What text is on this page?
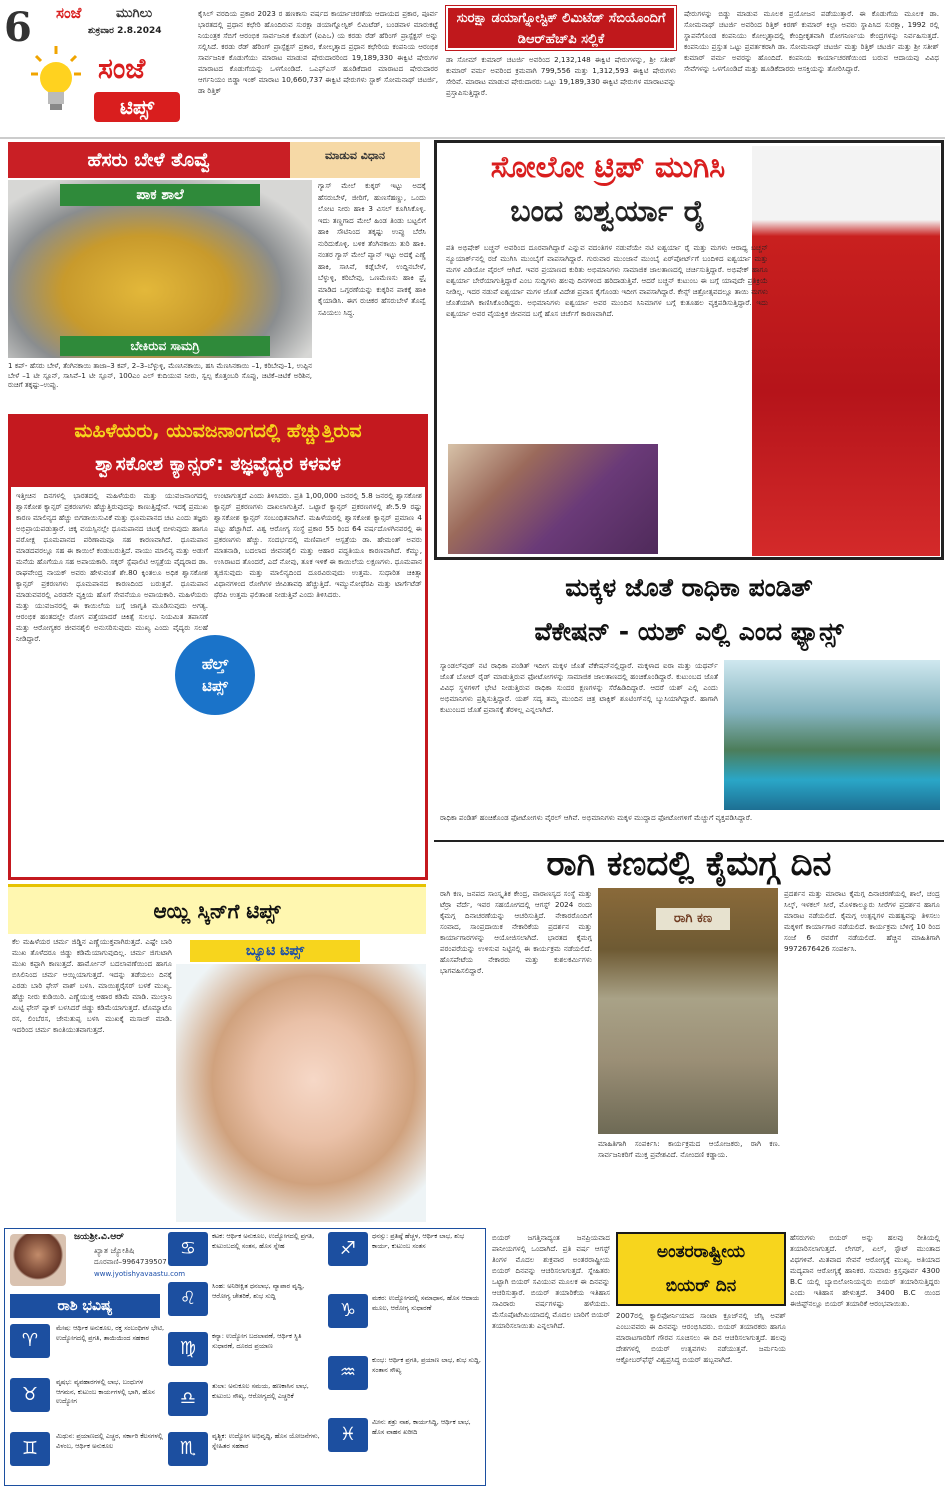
6 ಸಂಜೆ	ಮುಗಿಲು
ಶುಕ್ರವಾರ 2.8.2024
ಸಂಜೆ
ಟಿಪ್ಸ್
ಕೈಸಿಲ್ ವರದಿಯ ಪ್ರಕಾರ 2023 ರ ಹಣಕಾಸು ವರ್ಷದ ಕಾರ್ಯಾಚರಣೆಯ ಆದಾಯದ ಪ್ರಕಾರ, ಪೂರ್ವ ಭಾರತದಲ್ಲಿ ಪ್ರಧಾನ ಕಛೇರಿ ಹೊಂದಿರುವ ಸುರಕ್ಷಾ ಡಯಾಗ್ನೋಸ್ಟಿಕ್ ಲಿಮಿಟೆಡ್, ಬಂಡವಾಳ ಮಾರುಕಟ್ಟೆ ನಿಯಂತ್ರಕ ಸೆಬಿಗೆ ಆರಂಭಿಕ ಸಾರ್ವಜನಿಕ ಕೊಡುಗೆ (ಐಪಿಒ) ಯ ಕರಡು ರೆಡ್ ಹೆರಿಂಗ್ ಪ್ರಾಸ್ಪೆಕ್ಟಸ್ ಅನ್ನು ಸಲ್ಲಿಸಿದೆ. ಕರಡು ರೆಡ್ ಹೆರಿಂಗ್ ಪ್ರಾಸ್ಪೆಕ್ಟಸ್ ಪ್ರಕಾರ, ಕೋಲ್ಕತ್ತಾದ ಪ್ರಧಾನ ಕಛೇರಿಯ ಕಂಪನಿಯ ಆರಂಭಿಕ ಸಾರ್ವಜನಿಕ ಕೊಡುಗೆಯು ಮಾರಾಟ ಮಾಡುವ ಷೇರುದಾರರಿಂದ 19,189,330 ಈಕ್ವಿಟಿ ಷೇರುಗಳ ಮಾರಾಟದ ಕೊಡುಗೆಯನ್ನು ಒಳಗೊಂಡಿದೆ. ಒಎಫ್ಎಸ್ ಹೂಡಿಕೆದಾರ ಮಾರಾಟದ ಷೇರುದಾರರ ಆರ್ಗನಿಯಂ ಬಿಡ್ಡಾ ಇಂಕ್ ಮಾರಾಟ 10,660,737 ಈಕ್ವಿಟಿ ಷೇರುಗಳು ಸ್ಟಾಕ್ ಸೋಮನಾಥ್ ಚಟರ್ಜಿ, ಡಾ ರಿತ್ತಿಕ್
ಸುರಕ್ಷಾ ಡಯಾಗ್ನೋಸ್ಟಿಕ್ ಲಿಮಿಟೆಡ್ ಸೆಬಿಯೊಂದಿಗೆ ಡಿಆರ್‌ಹೆಚ್‌ಪಿ ಸಲ್ಲಿಕೆ
ಡಾ ಸೋಮ್ ಕುಮಾರ್ ಚಟರ್ಜಿ ಅವರಿಂದ 2,132,148 ಈಕ್ವಿಟಿ ಷೇರುಗಳನ್ನು, ಶ್ರೀ ಸತೀಶ್ ಕುಮಾರ್ ವರ್ಮ ಅವರಿಂದ ಕ್ರಮವಾಗಿ 799,556 ಮತ್ತು 1,312,593 ಈಕ್ವಿಟಿ ಷೇರುಗಳು ಸೇರಿವೆ. ಮಾರಾಟ ಮಾಡುವ ಷೇರುದಾರರು ಒಟ್ಟು 19,189,330 ಈಕ್ವಿಟಿ ಷೇರುಗಳ ಮಾರಾಟವನ್ನು ಪ್ರಸ್ತಾಪಿಸುತ್ತಿದ್ದಾರೆ.
ಷೇರುಗಳನ್ನು ಬಿಡ್ಡು ಮಾಡುವ ಮೂಲಕ ಪ್ರಯೋಜನ ಪಡೆಯುತ್ತಾರೆ. ಈ ಕೊಡುಗೆಯ ಮೂಲಕ ಡಾ. ಸೋಮನಾಥ್ ಚಟರ್ಜಿ ಅವರಿಂದ ರಿತ್ತಿಕ್ ಕಿರಣ್ ಕುಮಾರ್ ಕಿಲ್ಲಾ ಅವರು ಸ್ಥಾಪಿಸಿದ ಸುರಕ್ಷಾ, 1992 ರಲ್ಲಿ ಸ್ಥಾಪನೆಗೊಂಡ ಕಂಪನಿಯು ಕೋಲ್ಕತ್ತಾದಲ್ಲಿ ಕೇಂದ್ರೀಕೃತವಾಗಿ ರೋಗನಿರ್ಣಯ ಕೇಂದ್ರಗಳನ್ನು ನಿರ್ವಹಿಸುತ್ತದೆ. ಕಂಪನಿಯು ಪ್ರಸ್ತುತ ಒಟ್ಟು ಪ್ರವರ್ತಕರಾಗಿ ಡಾ. ಸೋಮನಾಥ್ ಚಟರ್ಜಿ ಮತ್ತು ರಿತ್ತಿಕ್ ಚಟರ್ಜಿ ಮತ್ತು ಶ್ರೀ ಸತೀಶ್ ಕುಮಾರ್ ವರ್ಮ ಅವರನ್ನು ಹೊಂದಿದೆ. ಕಂಪನಿಯ ಕಾರ್ಯಾಚರಣೆಯಿಂದ ಬರುವ ಆದಾಯವು ವಿವಿಧ ಸೇವೆಗಳನ್ನು ಒಳಗೊಂಡಿದೆ ಮತ್ತು ಹೂಡಿಕೆದಾರರು ಆಸಕ್ತಿಯನ್ನು ತೋರಿಸಿದ್ದಾರೆ.
ಹೆಸರು ಬೇಳೆ ತೊವ್ವೆ	ಮಾಡುವ ವಿಧಾನ
ಪಾಕ ಶಾಲೆ
ಬೇಕಿರುವ ಸಾಮಗ್ರಿ
1 ಕಪ್- ಹೆಸರು ಬೇಳೆ, ತೆಂಗಿನಕಾಯಿ ತಾಜಾ–3 ಕಪ್, 2–3–ಬೆಳ್ಳುಳ್ಳಿ, ಮೆಣಸಿನಕಾಯಿ, ಹಸಿ ಮೆಣಸಿನಕಾಯಿ –1, ಕರಿಬೇವು–1, ಉಪ್ಪಿನ ಬೇಳೆ –1 ಟೀ ಸ್ಪೂನ್, ಸಾಸಿವೆ–1 ಟೀ ಸ್ಪೂನ್, 100ಎಂ ಎಲ್ ಕುದಿಯುವ ನೀರು, ಸ್ವಲ್ಪ ಕೊತ್ತಂಬರಿ ಸೊಪ್ಪು, ಚಿಟಿಕೆ–ಚಿಟಿಕೆ ಅರಿಶಿನ, ರುಚಿಗೆ ತಕ್ಕಷ್ಟು–ಉಪ್ಪು.
ಗ್ಯಾಸ್ ಮೇಲೆ ಕುಕ್ಕರ್ ಇಟ್ಟು ಅದಕ್ಕೆ ಹೆಸರುಬೇಳೆ, ಜೀರಿಗೆ, ಹುಣಸೆಹಣ್ಣು, ಒಂದು ಲೋಟ ನೀರು ಹಾಕಿ 3 ವಿಸಲ್ ಕೂಗಿಸಿಕೊಳ್ಳಿ. ಇದು ತಣ್ಣಗಾದ ಮೇಲೆ ಹಿಂಡ ತಿಂಡು ಬಟ್ಟಲಿಗೆ ಹಾಕಿ ಸೌಟಿನಿಂದ ತಕ್ಕಷ್ಟು ಉಪ್ಪು ಬೆರೆಸಿ ನುರಿದುಕೊಳ್ಳಿ. ಬಳಿಕ ತೆಂಗಿನಕಾಯಿ ತುರಿ ಹಾಕಿ. ನಂತರ ಗ್ಯಾಸ್ ಮೇಲೆ ಪ್ಯಾನ್ ಇಟ್ಟು ಅದಕ್ಕೆ ಎಣ್ಣೆ ಹಾಕಿ, ಸಾಸಿವೆ, ಕಡ್ಲೆಬೇಳೆ, ಉದ್ದಿನಬೇಳೆ, ಬೆಳ್ಳುಳ್ಳಿ, ಕರಿಬೇವು, ಒಣಮೆಣಸು ಹಾಕಿ ಫ್ರೈ ಮಾಡಿದ ಒಗ್ಗರಣೆಯನ್ನು ಕುಕ್ಕರಿನ ಪಾಕಕ್ಕೆ ಹಾಕಿ ಕೈಯಾಡಿಸಿ. ಈಗ ರುಚಿಕರ ಹೆಸರುಬೇಳೆ ತೊವ್ವೆ ಸವಿಯಲು ಸಿದ್ಧ.
ಸೋಲೋ ಟ್ರಿಪ್ ಮುಗಿಸಿ
ಬಂದ ಐಶ್ವರ್ಯಾ ರೈ
ಪತಿ ಅಭಿಷೇಕ್ ಬಚ್ಚನ್ ಅವರಿಂದ ದೂರವಾಗಿದ್ದಾರೆ ಎನ್ನುವ ವದಂತಿಗಳ ನಡುವೆಯೇ ನಟಿ ಐಶ್ವರ್ಯಾ ರೈ ಮತ್ತು ಮಗಳು ಆರಾಧ್ಯ ಬಚ್ಚನ್ ನ್ಯೂಯಾರ್ಕ್‌ನಲ್ಲಿ ರಜೆ ಮುಗಿಸಿ ಮುಂಬೈಗೆ ವಾಪಸಾಗಿದ್ದಾರೆ. ಗುರುವಾರ ಮುಂಜಾನೆ ಮುಂಬೈ ಏರ್‌ಪೋರ್ಟ್‌ಗೆ ಬಂದಿಳಿದ ಐಶ್ವರ್ಯಾ ಮತ್ತು ಮಗಳ ವಿಡಿಯೋ ವೈರಲ್ ಆಗಿದೆ. ಇವರ ಪ್ರಯಾಣದ ಕುರಿತು ಅಭಿಮಾನಿಗಳು ಸಾಮಾಜಿಕ ಜಾಲತಾಣದಲ್ಲಿ ಚರ್ಚಿಸುತ್ತಿದ್ದಾರೆ. ಅಭಿಷೇಕ್ ಹಾಗೂ ಐಶ್ವರ್ಯಾ ಬೇರೆಯಾಗುತ್ತಿದ್ದಾರೆ ಎಂಬ ಸುದ್ದಿಗಳು ಹಲವು ದಿನಗಳಿಂದ ಹರಿದಾಡುತ್ತಿವೆ. ಆದರೆ ಬಚ್ಚನ್ ಕುಟುಂಬ ಈ ಬಗ್ಗೆ ಯಾವುದೇ ಪ್ರತಿಕ್ರಿಯೆ ನೀಡಿಲ್ಲ. ಇದರ ನಡುವೆ ಐಶ್ವರ್ಯಾ ಮಗಳ ಜೊತೆ ವಿದೇಶ ಪ್ರವಾಸ ಕೈಗೊಂಡು ಇದೀಗ ವಾಪಸಾಗಿದ್ದಾರೆ. ಕೇನ್ಸ್ ಚಿತ್ರೋತ್ಸವದಲ್ಲೂ ತಾಯಿ ಮಗಳು ಜೊತೆಯಾಗಿ ಕಾಣಿಸಿಕೊಂಡಿದ್ದರು. ಅಭಿಮಾನಿಗಳು ಐಶ್ವರ್ಯಾ ಅವರ ಮುಂದಿನ ಸಿನಿಮಾಗಳ ಬಗ್ಗೆ ಕುತೂಹಲ ವ್ಯಕ್ತಪಡಿಸುತ್ತಿದ್ದಾರೆ. ಇದು ಐಶ್ವರ್ಯಾ ಅವರ ವೈಯಕ್ತಿಕ ಜೀವನದ ಬಗ್ಗೆ ಹೊಸ ಚರ್ಚೆಗೆ ಕಾರಣವಾಗಿದೆ.
ಮಹಿಳೆಯರು, ಯುವಜನಾಂಗದಲ್ಲಿ ಹೆಚ್ಚುತ್ತಿರುವ
ಶ್ವಾಸಕೋಶ ಕ್ಯಾನ್ಸರ್: ತಜ್ಞವೈದ್ಯರ ಕಳವಳ
ಇತ್ತೀಚಿನ ದಿನಗಳಲ್ಲಿ ಭಾರತದಲ್ಲಿ ಮಹಿಳೆಯರು ಮತ್ತು ಯುವಜನಾಂಗದಲ್ಲಿ ಶ್ವಾಸಕೋಶ ಕ್ಯಾನ್ಸರ್ ಪ್ರಕರಣಗಳು ಹೆಚ್ಚುತ್ತಿರುವುದನ್ನು ಕಾಣುತ್ತಿದ್ದೇವೆ. ಇದಕ್ಕೆ ಪ್ರಮುಖ ಕಾರಣ ಮಾಲಿನ್ಯದ ಹೆಚ್ಚು ಬಿಗಡಾಯಿಸುವಿಕೆ ಮತ್ತು ಧೂಮಪಾನದ ಚಟ ಎಂದು ತಜ್ಞರು ಅಭಿಪ್ರಾಯಪಡುತ್ತಾರೆ. ಚಿಕ್ಕ ವಯಸ್ಸಿನಲ್ಲೇ ಧೂಮಪಾನದ ಚಟಕ್ಕೆ ಬೀಳುವುದು ಹಾಗೂ ಪರೋಕ್ಷ ಧೂಮಪಾನದ ಪರಿಣಾಮವೂ ಸಹ ಕಾರಣವಾಗಿದೆ. ಧೂಮಪಾನ ಮಾಡದವರಲ್ಲೂ ಸಹ ಈ ಕಾಯಿಲೆ ಕಂಡುಬರುತ್ತಿದೆ. ವಾಯು ಮಾಲಿನ್ಯ ಮತ್ತು ಅಡುಗೆ ಮನೆಯ ಹೊಗೆಯೂ ಸಹ ಅಪಾಯಕಾರಿ. ಸಕ್ಕರ್ ಸ್ಪೆಷಾಲಿಟಿ ಆಸ್ಪತ್ರೆಯ ವೈದ್ಯರಾದ ಡಾ. ರಾಘವೇಂದ್ರ ನಾಯಕ್ ಅವರು ಹೇಳುವಂತೆ ಶೇ.80 ಕ್ಕಿಂತಲೂ ಅಧಿಕ ಶ್ವಾಸಕೋಶ ಕ್ಯಾನ್ಸರ್ ಪ್ರಕರಣಗಳು ಧೂಮಪಾನದ ಕಾರಣದಿಂದ ಬರುತ್ತವೆ. ಧೂಮಪಾನ ಮಾಡುವವರಲ್ಲಿ ಎರಡನೇ ವ್ಯಕ್ತಿಯ ಹೊಗೆ ಸೇವನೆಯೂ ಅಪಾಯಕಾರಿ. ಮಹಿಳೆಯರು ಮತ್ತು ಯುವಜನರಲ್ಲಿ ಈ ಕಾಯಿಲೆಯ ಬಗ್ಗೆ ಜಾಗೃತಿ ಮೂಡಿಸುವುದು ಅಗತ್ಯ. ಆರಂಭಿಕ ಹಂತದಲ್ಲೇ ರೋಗ ಪತ್ತೆಯಾದರೆ ಚಿಕಿತ್ಸೆ ಸುಲಭ. ನಿಯಮಿತ ತಪಾಸಣೆ ಮತ್ತು ಆರೋಗ್ಯಕರ ಜೀವನಶೈಲಿ ಅನುಸರಿಸುವುದು ಮುಖ್ಯ ಎಂದು ವೈದ್ಯರು ಸಲಹೆ ನೀಡಿದ್ದಾರೆ.
ಉಂಟಾಗುತ್ತದೆ ಎಂದು ತಿಳಿಸಿದರು. ಪ್ರತಿ 1,00,000 ಜನರಲ್ಲಿ 5.8 ಜನರಲ್ಲಿ ಶ್ವಾಸಕೋಶ ಕ್ಯಾನ್ಸರ್ ಪ್ರಕರಣಗಳು ದಾಖಲಾಗುತ್ತಿವೆ. ಒಟ್ಟಾರೆ ಕ್ಯಾನ್ಸರ್ ಪ್ರಕರಣಗಳಲ್ಲಿ ಶೇ.5.9 ರಷ್ಟು ಶ್ವಾಸಕೋಶ ಕ್ಯಾನ್ಸರ್ ಸಂಬಂಧಿತವಾಗಿವೆ. ಮಹಿಳೆಯರಲ್ಲಿ ಶ್ವಾಸಕೋಶ ಕ್ಯಾನ್ಸರ್ ಪ್ರಮಾಣ 4 ಪಟ್ಟು ಹೆಚ್ಚಾಗಿದೆ. ವಿಶ್ವ ಆರೋಗ್ಯ ಸಂಸ್ಥೆ ಪ್ರಕಾರ 55 ರಿಂದ 64 ವರ್ಷದೊಳಗಿನವರಲ್ಲಿ ಈ ಪ್ರಕರಣಗಳು ಹೆಚ್ಚು. ಸಂದರ್ಭದಲ್ಲಿ ಮಣಿಪಾಲ್ ಆಸ್ಪತ್ರೆಯ ಡಾ. ಹೇಮಂತ್ ಅವರು ಮಾತನಾಡಿ, ಬದಲಾದ ಜೀವನಶೈಲಿ ಮತ್ತು ಆಹಾರ ಪದ್ಧತಿಯೂ ಕಾರಣವಾಗಿದೆ. ಕೆಮ್ಮು, ಉಸಿರಾಟದ ತೊಂದರೆ, ಎದೆ ನೋವು, ತೂಕ ಇಳಿಕೆ ಈ ಕಾಯಿಲೆಯ ಲಕ್ಷಣಗಳು. ಧೂಮಪಾನ ತ್ಯಜಿಸುವುದು ಮತ್ತು ಮಾಲಿನ್ಯದಿಂದ ದೂರವಿರುವುದು ಉತ್ತಮ. ಸುಧಾರಿತ ಚಿಕಿತ್ಸಾ ವಿಧಾನಗಳಿಂದ ರೋಗಿಗಳ ಜೀವಿತಾವಧಿ ಹೆಚ್ಚುತ್ತಿದೆ. ಇಮ್ಯುನೋಥೆರಪಿ ಮತ್ತು ಟಾರ್ಗೆಟೆಡ್ ಥೆರಪಿ ಉತ್ತಮ ಫಲಿತಾಂಶ ನೀಡುತ್ತಿವೆ ಎಂದು ತಿಳಿಸಿದರು.
ಹೆಲ್ತ್
ಟಿಪ್ಸ್
ಮಕ್ಕಳ ಜೊತೆ ರಾಧಿಕಾ ಪಂಡಿತ್
ವೆಕೇಷನ್ - ಯಶ್ ಎಲ್ಲಿ ಎಂದ ಫ್ಯಾನ್ಸ್
ಸ್ಯಾಂಡಲ್‌ವುಡ್ ನಟಿ ರಾಧಿಕಾ ಪಂಡಿತ್ ಇದೀಗ ಮಕ್ಕಳ ಜೊತೆ ವೆಕೇಷನ್‌ನಲ್ಲಿದ್ದಾರೆ. ಮಕ್ಕಳಾದ ಐರಾ ಮತ್ತು ಯಥರ್ವ್ ಜೊತೆ ಬೋಟ್ ರೈಡ್ ಮಾಡುತ್ತಿರುವ ಫೋಟೋಗಳನ್ನು ಸಾಮಾಜಿಕ ಜಾಲತಾಣದಲ್ಲಿ ಹಂಚಿಕೊಂಡಿದ್ದಾರೆ. ಕುಟುಂಬದ ಜೊತೆ ವಿವಿಧ ಸ್ಥಳಗಳಿಗೆ ಭೇಟಿ ನೀಡುತ್ತಿರುವ ರಾಧಿಕಾ ಸುಂದರ ಕ್ಷಣಗಳನ್ನು ಸೆರೆಹಿಡಿದಿದ್ದಾರೆ. ಆದರೆ ಯಶ್ ಎಲ್ಲಿ ಎಂದು ಅಭಿಮಾನಿಗಳು ಪ್ರಶ್ನಿಸುತ್ತಿದ್ದಾರೆ. ಯಶ್ ಸದ್ಯ ತಮ್ಮ ಮುಂದಿನ ಚಿತ್ರ ಟಾಕ್ಸಿಕ್ ಶೂಟಿಂಗ್‌ನಲ್ಲಿ ಬ್ಯುಸಿಯಾಗಿದ್ದಾರೆ. ಹಾಗಾಗಿ ಕುಟುಂಬದ ಜೊತೆ ಪ್ರವಾಸಕ್ಕೆ ತೆರಳಿಲ್ಲ ಎನ್ನಲಾಗಿದೆ.
ರಾಧಿಕಾ ಪಂಡಿತ್ ಹಂಚಿಕೊಂಡ ಫೋಟೋಗಳು ವೈರಲ್ ಆಗಿವೆ. ಅಭಿಮಾನಿಗಳು ಮಕ್ಕಳ ಮುದ್ದಾದ ಫೋಟೋಗಳಿಗೆ ಮೆಚ್ಚುಗೆ ವ್ಯಕ್ತಪಡಿಸಿದ್ದಾರೆ.
ರಾಗಿ ಕಣದಲ್ಲಿ ಕೈಮಗ್ಗ ದಿನ
ರಾಗಿ ಕಣ, ಜನಪದ ಸಾಂಸ್ಕೃತಿಕ ಕೇಂದ್ರ, ವಾರಾಣಸ್ಯದ ಸಂಸ್ಥೆ ಮತ್ತು ಟೆರ್ರಾ ವೆರ್ದೆ, ಇವರ ಸಹಯೋಗದಲ್ಲಿ ಆಗಸ್ಟ್ 2024 ರಂದು ಕೈಮಗ್ಗ ದಿನಾಚರಣೆಯನ್ನು ಆಚರಿಸುತ್ತಿದೆ. ನೇಕಾರರೊಂದಿಗೆ ಸಂವಾದ, ಸಾಂಪ್ರದಾಯಿಕ ನೇಕಾರಿಕೆಯ ಪ್ರದರ್ಶನ ಮತ್ತು ಕಾರ್ಯಾಗಾರಗಳನ್ನು ಆಯೋಜಿಸಲಾಗಿದೆ. ಭಾರತದ ಕೈಮಗ್ಗ ಪರಂಪರೆಯನ್ನು ಉಳಿಸುವ ನಿಟ್ಟಿನಲ್ಲಿ ಈ ಕಾರ್ಯಕ್ರಮ ನಡೆಯಲಿದೆ. ಹೊಸಪೇಟೆಯ ನೇಕಾರರು ಮತ್ತು ಕುಶಲಕರ್ಮಿಗಳು ಭಾಗವಹಿಸಲಿದ್ದಾರೆ.
ರಾಗಿ ಕಣ
ಮಾಹಿತಿಗಾಗಿ ಸಂಪರ್ಕಿಸಿ: ಕಾರ್ಯಕ್ರಮದ ಆಯೋಜಕರು, ರಾಗಿ ಕಣ. ಸಾರ್ವಜನಿಕರಿಗೆ ಮುಕ್ತ ಪ್ರವೇಶವಿದೆ. ನೋಂದಣಿ ಕಡ್ಡಾಯ.
ಪ್ರದರ್ಶನ ಮತ್ತು ಮಾರಾಟ ಕೈಮಗ್ಗ ದಿನಾಚರಣೆಯಲ್ಲಿ ಶಾಲೆ, ಚಂದ್ರ ಸಿಲ್ಕ್, ಇಳಕಲ್ ಸೀರೆ, ಮೊಳಕಾಲ್ಮೂರು ಸೀರೆಗಳ ಪ್ರದರ್ಶನ ಹಾಗೂ ಮಾರಾಟ ನಡೆಯಲಿದೆ. ಕೈಮಗ್ಗ ಉತ್ಪನ್ನಗಳ ಮಹತ್ವವನ್ನು ತಿಳಿಸಲು ಮಕ್ಕಳಿಗೆ ಕಾರ್ಯಾಗಾರ ನಡೆಯಲಿದೆ. ಕಾರ್ಯಕ್ರಮ ಬೆಳಿಗ್ಗೆ 10 ರಿಂದ ಸಂಜೆ 6 ರವರೆಗೆ ನಡೆಯಲಿದೆ. ಹೆಚ್ಚಿನ ಮಾಹಿತಿಗಾಗಿ 9972676426 ಸಂಪರ್ಕಿಸಿ.
ಆಯ್ಲಿ ಸ್ಕಿನ್‌ಗೆ ಟಿಪ್ಸ್
ಕೆಲ ಮಹಿಳೆಯರ ಚರ್ಮ ಜಿಡ್ಡಿನ ಎಣ್ಣೆಯುಕ್ತವಾಗಿರುತ್ತದೆ. ಎಷ್ಟೇ ಬಾರಿ ಮುಖ ತೊಳೆದರೂ ಜಿಡ್ಡು ಕಡಿಮೆಯಾಗುವುದಿಲ್ಲ. ಚರ್ಮ ಜಿಗುಟಾಗಿ ಮುಖ ಕಪ್ಪಾಗಿ ಕಾಣುತ್ತದೆ. ಹಾರ್ಮೋನ್ ಬದಲಾವಣೆಯಿಂದ ಹಾಗೂ ಬಿಸಿಲಿನಿಂದ ಚರ್ಮ ಆಯ್ಲಿಯಾಗುತ್ತದೆ. ಇದನ್ನು ತಡೆಯಲು ದಿನಕ್ಕೆ ಎರಡು ಬಾರಿ ಫೇಸ್ ವಾಶ್ ಬಳಸಿ. ಮಾಯಿಶ್ಚರೈಸರ್ ಬಳಕೆ ಮುಖ್ಯ. ಹೆಚ್ಚು ನೀರು ಕುಡಿಯಿರಿ. ಎಣ್ಣೆಯುಕ್ತ ಆಹಾರ ಕಡಿಮೆ ಮಾಡಿ. ಮುಲ್ತಾನಿ ಮಿಟ್ಟಿ ಫೇಸ್ ಪ್ಯಾಕ್ ಬಳಸಿದರೆ ಜಿಡ್ಡು ಕಡಿಮೆಯಾಗುತ್ತದೆ. ಟೊಮ್ಯಾಟೊ ರಸ, ಲಿಂಬೆರಸ, ಜೇನುತುಪ್ಪ ಬಳಸಿ ಮುಖಕ್ಕೆ ಮಸಾಜ್ ಮಾಡಿ. ಇದರಿಂದ ಚರ್ಮ ಕಾಂತಿಯುತವಾಗುತ್ತದೆ.
ಬ್ಯೂಟಿ ಟಿಪ್ಸ್
ಜಯಶ್ರೀ.ವಿ.ಆರ್
ಖ್ಯಾತ ಜ್ಯೋತಿಷಿ
ದೂರವಾಣಿ–9964739507
www.jyotishyavaastu.com
ರಾಶಿ ಭವಿಷ್ಯ
♈
ಮೇಷ: ಆರ್ಥಿಕ ಅನುಕೂಲ, ರಕ್ತ ಸಂಬಂಧಿಗಳ ಭೇಟಿ, ಉದ್ಯೋಗದಲ್ಲಿ ಪ್ರಗತಿ, ತಾಯಿಯಿಂದ ಸಹಕಾರ
♉
ವೃಷಭ: ವ್ಯವಹಾರಗಳಲ್ಲಿ ಲಾಭ, ಬಂಧುಗಳ ಆಗಮನ, ಕುಟುಂಬ ಕಾರ್ಯಗಳಲ್ಲಿ ಭಾಗಿ, ಹೊಸ ಉದ್ಯೋಗ
♊
ಮಿಥುನ: ಪ್ರಯಾಣದಲ್ಲಿ ಎಚ್ಚರ, ಸರ್ಕಾರಿ ಕೆಲಸಗಳಲ್ಲಿ ವಿಳಂಬ, ಆರ್ಥಿಕ ಅನುಕೂಲ
♋
ಕಟಕ: ಆರ್ಥಿಕ ಅನುಕೂಲ, ಉದ್ಯೋಗದಲ್ಲಿ ಪ್ರಗತಿ, ಕುಟುಂಬದಲ್ಲಿ ಸಂತಸ, ಹೊಸ ಸ್ನೇಹ
♌
ಸಿಂಹ: ಅನಿರೀಕ್ಷಿತ ಧನಲಾಭ, ವ್ಯಾಪಾರ ವೃದ್ಧಿ, ಆರೋಗ್ಯ ಚೇತರಿಕೆ, ಶುಭ ಸುದ್ದಿ
♍
ಕನ್ಯಾ: ಉದ್ಯೋಗ ಬದಲಾವಣೆ, ಆರ್ಥಿಕ ಸ್ಥಿತಿ ಸುಧಾರಣೆ, ದೂರದ ಪ್ರಯಾಣ
♎
ತುಲಾ: ಅನುಕೂಲ ಸಮಯ, ಹಣಕಾಸಿನ ಲಾಭ, ಕುಟುಂಬ ಸೌಖ್ಯ, ಆರೋಗ್ಯದಲ್ಲಿ ಎಚ್ಚರಿಕೆ
♏
ವೃಶ್ಚಿಕ: ಉದ್ಯೋಗ ಅಭಿವೃದ್ಧಿ, ಹೊಸ ಯೋಜನೆಗಳು, ಸ್ನೇಹಿತರ ಸಹಕಾರ
♐
ಧನಸ್ಸು: ಪ್ರತಿಷ್ಠೆ ಹೆಚ್ಚಳ, ಆರ್ಥಿಕ ಲಾಭ, ಶುಭ ಕಾರ್ಯ, ಕುಟುಂಬ ಸಂತಸ
♑
ಮಕರ: ಉದ್ಯೋಗದಲ್ಲಿ ಸಮಾಧಾನ, ಹೊಸ ಆದಾಯ ಮೂಲ, ಆರೋಗ್ಯ ಸುಧಾರಣೆ
♒
ಕುಂಭ: ಆರ್ಥಿಕ ಪ್ರಗತಿ, ಪ್ರಯಾಣ ಲಾಭ, ಶುಭ ಸುದ್ದಿ, ಸಂತಾನ ಸೌಖ್ಯ
♓
ಮೀನ: ಶತ್ರು ನಾಶ, ಕಾರ್ಯಸಿದ್ಧಿ, ಆರ್ಥಿಕ ಲಾಭ, ಹೊಸ ವಾಹನ ಖರೀದಿ
ಬಿಯರ್ ಜಗತ್ತಿನಾದ್ಯಂತ ಜನಪ್ರಿಯವಾದ ಪಾನೀಯಗಳಲ್ಲಿ ಒಂದಾಗಿದೆ. ಪ್ರತಿ ವರ್ಷ ಆಗಸ್ಟ್ ತಿಂಗಳ ಮೊದಲ ಶುಕ್ರವಾರ ಅಂತರರಾಷ್ಟ್ರೀಯ ಬಿಯರ್ ದಿನವನ್ನು ಆಚರಿಸಲಾಗುತ್ತದೆ. ಸ್ನೇಹಿತರು ಒಟ್ಟಾಗಿ ಬಿಯರ್ ಸವಿಯುವ ಮೂಲಕ ಈ ದಿನವನ್ನು ಆಚರಿಸುತ್ತಾರೆ. ಬಿಯರ್ ತಯಾರಿಕೆಯ ಇತಿಹಾಸ ಸಾವಿರಾರು ವರ್ಷಗಳಷ್ಟು ಹಳೆಯದು. ಮೆಸೊಪೊಟೇಮಿಯಾದಲ್ಲಿ ಮೊದಲ ಬಾರಿಗೆ ಬಿಯರ್ ತಯಾರಿಸಲಾಯಿತು ಎನ್ನಲಾಗಿದೆ.
ಅಂತರರಾಷ್ಟ್ರೀಯ
ಬಿಯರ್ ದಿನ
2007ರಲ್ಲಿ ಕ್ಯಾಲಿಫೋರ್ನಿಯಾದ ಸಾಂಟಾ ಕ್ರೂಜ್‌ನಲ್ಲಿ ಜೆಸ್ಸಿ ಅವಶ್ ಎಂಬುವವರು ಈ ದಿನವನ್ನು ಆರಂಭಿಸಿದರು. ಬಿಯರ್ ತಯಾರಕರು ಹಾಗೂ ಮಾರಾಟಗಾರರಿಗೆ ಗೌರವ ಸೂಚಿಸಲು ಈ ದಿನ ಆಚರಿಸಲಾಗುತ್ತದೆ. ಹಲವು ದೇಶಗಳಲ್ಲಿ ಬಿಯರ್ ಉತ್ಸವಗಳು ನಡೆಯುತ್ತವೆ. ಜರ್ಮನಿಯ ಆಕ್ಟೋಬರ್‌ಫೆಸ್ಟ್ ವಿಶ್ವಪ್ರಸಿದ್ಧ ಬಿಯರ್ ಹಬ್ಬವಾಗಿದೆ.
ಹೆಸರುಗಳು ಬಿಯರ್ ಅನ್ನು ಹಲವು ರೀತಿಯಲ್ಲಿ ತಯಾರಿಸಲಾಗುತ್ತದೆ. ಲೇಗರ್, ಏಲ್, ಸ್ಟೌಟ್ ಮುಂತಾದ ವಿಧಗಳಿವೆ. ಮಿತವಾದ ಸೇವನೆ ಆರೋಗ್ಯಕ್ಕೆ ಮುಖ್ಯ. ಅತಿಯಾದ ಮದ್ಯಪಾನ ಆರೋಗ್ಯಕ್ಕೆ ಹಾನಿಕರ. ಸುಮಾರು ಕ್ರಿಸ್ತಪೂರ್ವ 4300 B.C ಯಲ್ಲಿ ಬ್ಯಾಬಿಲೋನಿಯನ್ನರು ಬಿಯರ್ ತಯಾರಿಸುತ್ತಿದ್ದರು ಎಂದು ಇತಿಹಾಸ ಹೇಳುತ್ತದೆ. 3400 B.C ಯಿಂದ ಈಜಿಪ್ಟ್‌ನಲ್ಲೂ ಬಿಯರ್ ತಯಾರಿಕೆ ಆರಂಭವಾಯಿತು.
